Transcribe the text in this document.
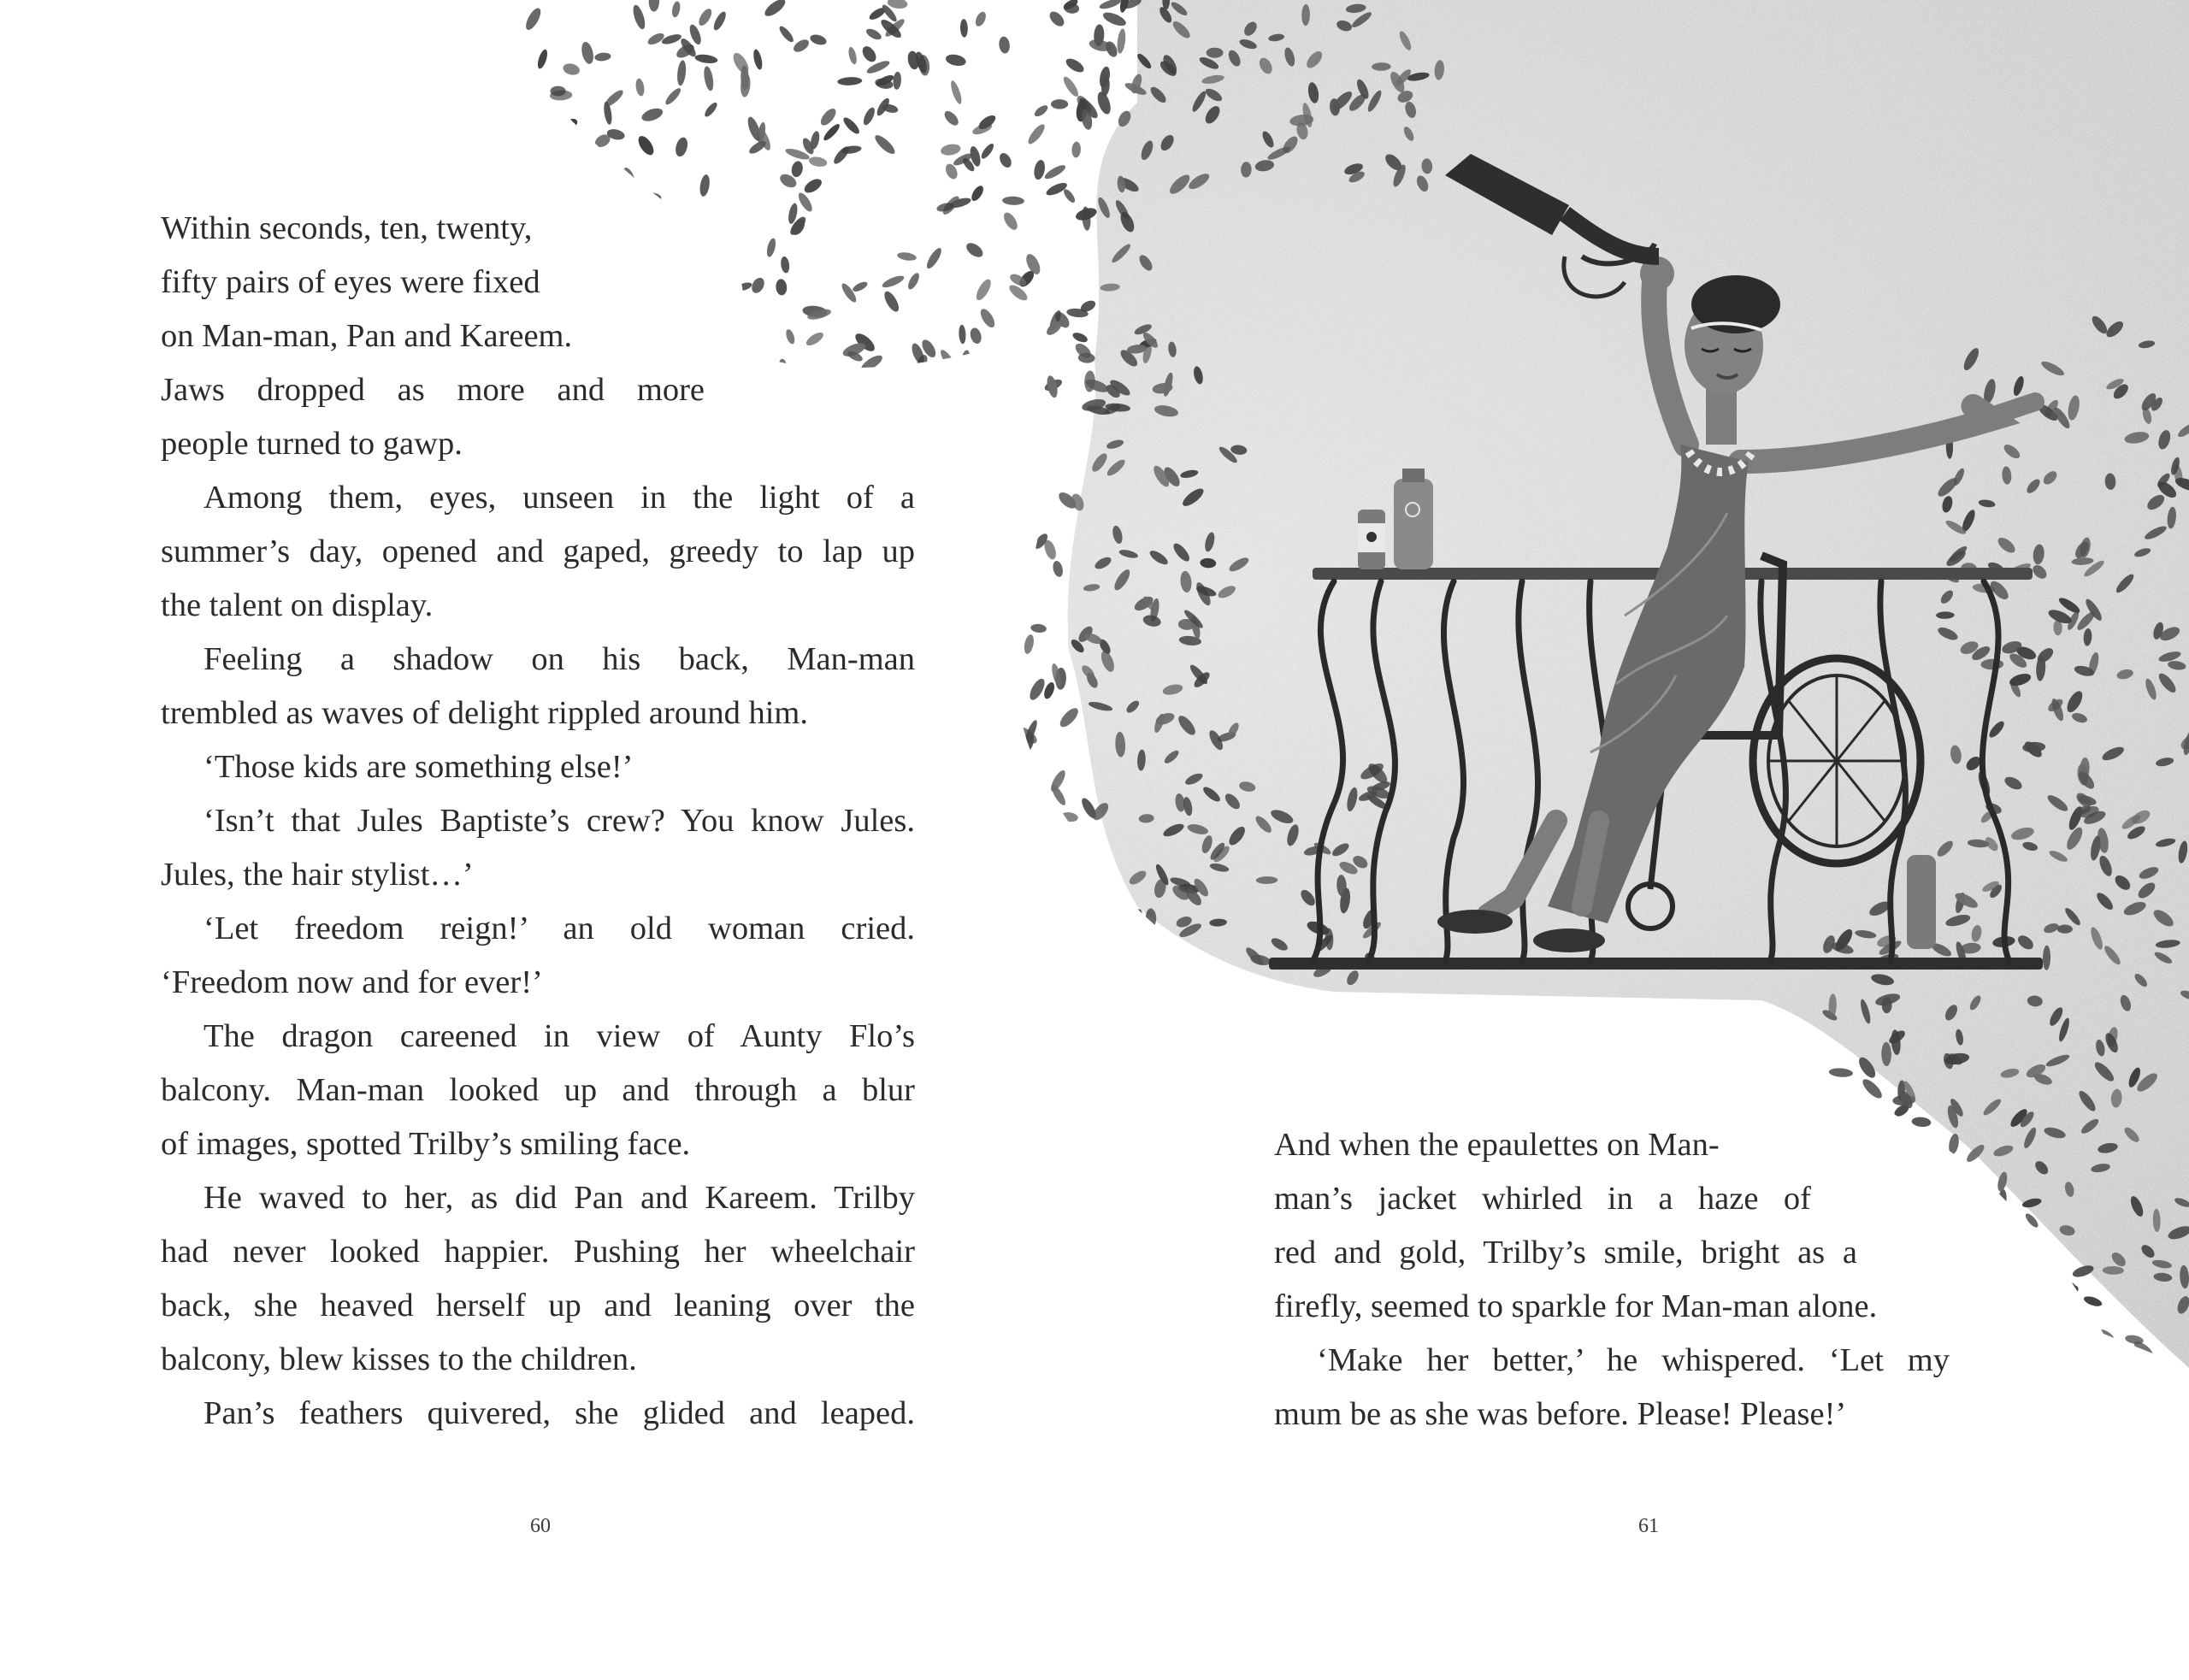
Within seconds, ten, twenty,
fifty pairs of eyes were fixed
on Man-man, Pan and Kareem.
Jaws dropped as more and more
people turned to gawp.
Among them, eyes, unseen in the light of a
summer’s day, opened and gaped, greedy to lap up
the talent on display.
Feeling a shadow on his back, Man-man
trembled as waves of delight rippled around him.
‘Those kids are something else!’
‘Isn’t that Jules Baptiste’s crew? You know Jules.
Jules, the hair stylist…’
‘Let freedom reign!’ an old woman cried.
‘Freedom now and for ever!’
The dragon careened in view of Aunty Flo’s
balcony. Man-man looked up and through a blur
of images, spotted Trilby’s smiling face.
He waved to her, as did Pan and Kareem. Trilby
had never looked happier. Pushing her wheelchair
back, she heaved herself up and leaning over the
balcony, blew kisses to the children.
Pan’s feathers quivered, she glided and leaped.
And when the epaulettes on Man-
man’s jacket whirled in a haze of
red and gold, Trilby’s smile, bright as a
firefly, seemed to sparkle for Man-man alone.
‘Make her better,’ he whispered. ‘Let my
mum be as she was before. Please! Please!’
60	61
